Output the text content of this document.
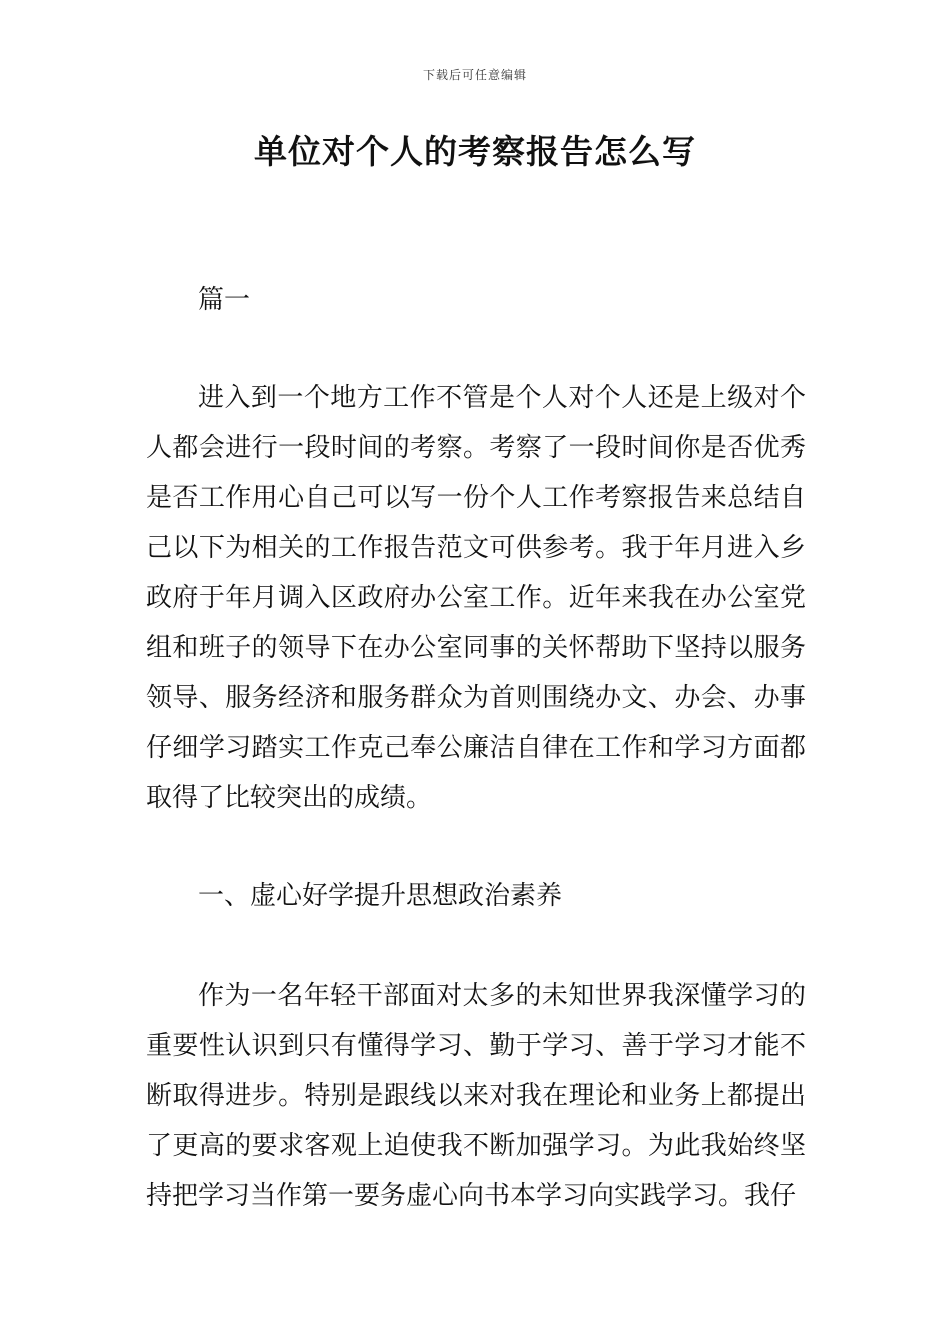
下载后可任意编辑
单位对个人的考察报告怎么写

篇一

进入到一个地方工作不管是个人对个人还是上级对个人都会进行一段时间的考察。考察了一段时间你是否优秀是否工作用心自己可以写一份个人工作考察报告来总结自己以下为相关的工作报告范文可供参考。我于年月进入乡政府于年月调入区政府办公室工作。近年来我在办公室党组和班子的领导下在办公室同事的关怀帮助下坚持以服务领导、服务经济和服务群众为首则围绕办文、办会、办事仔细学习踏实工作克己奉公廉洁自律在工作和学习方面都取得了比较突出的成绩。

一、虚心好学提升思想政治素养

作为一名年轻干部面对太多的未知世界我深懂学习的重要性认识到只有懂得学习、勤于学习、善于学习才能不断取得进步。特别是跟线以来对我在理论和业务上都提出了更高的要求客观上迫使我不断加强学习。为此我始终坚持把学习当作第一要务虚心向书本学习向实践学习。我仔
